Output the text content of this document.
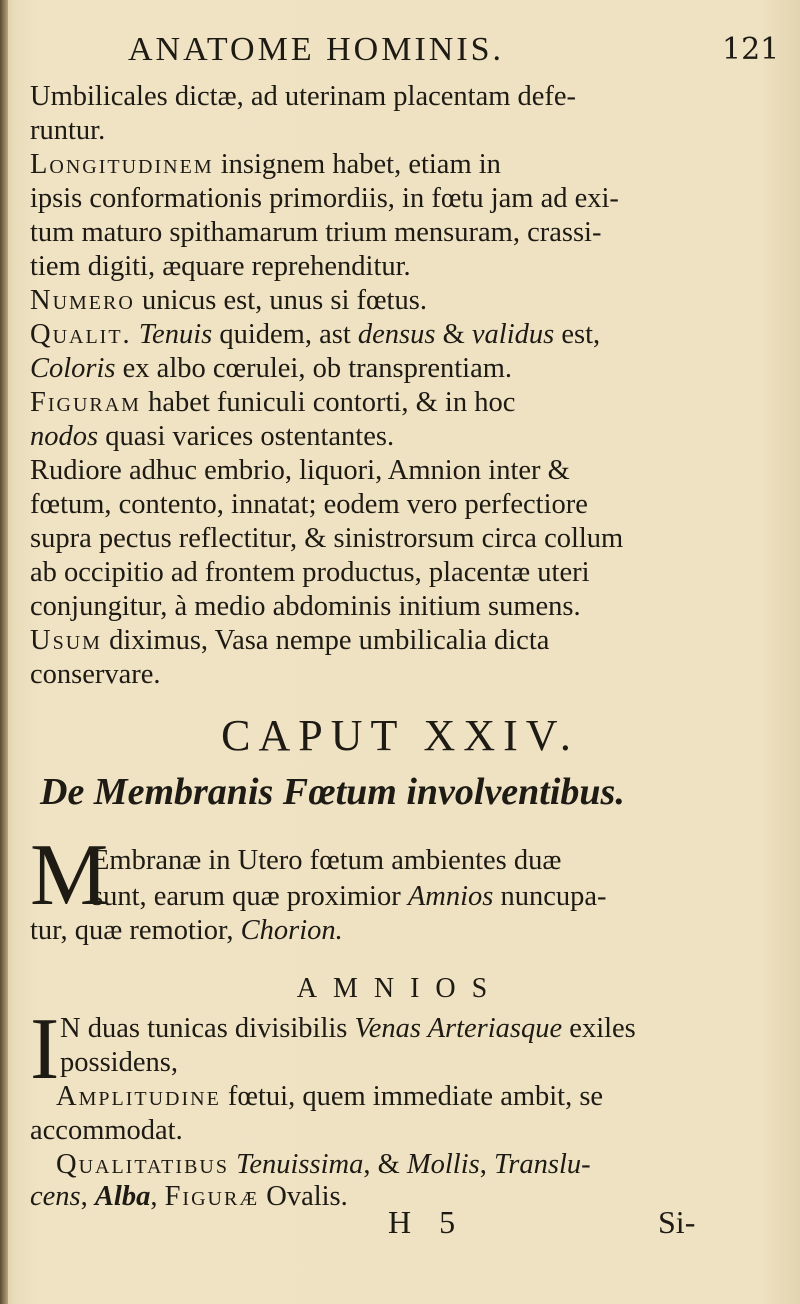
ANATOME HOMINIS.	121
Umbilicales dictæ, ad uterinam placentam defe-
runtur.
Longitudinem insignem habet, etiam in
ipsis conformationis primordiis, in fœtu jam ad exi-
tum maturo spithamarum trium mensuram, crassi-
tiem digiti, æquare reprehenditur.
Numero unicus est, unus si fœtus.
Qualit. Tenuis quidem, ast densus & validus est,
Coloris ex albo cœrulei, ob transprentiam.
Figuram habet funiculi contorti, & in hoc
nodos quasi varices ostentantes.
Rudiore adhuc embrio, liquori, Amnion inter &
fœtum, contento, innatat; eodem vero perfectiore
supra pectus reflectitur, & sinistrorsum circa collum
ab occipitio ad frontem productus, placentæ uteri
conjungitur, à medio abdominis initium sumens.
Usum diximus, Vasa nempe umbilicalia dicta
conservare.
CAPUT XXIV.
De Membranis Fœtum involventibus.
M
Embranæ in Utero fœtum ambientes duæ
sunt, earum quæ proximior Amnios nuncupa-
tur, quæ remotior, Chorion.
AMNIOS
I N duas tunicas divisibilis Venas Arteriasque exiles
possidens,
Amplitudine fœtui, quem immediate ambit, se
accommodat.
Qualitatibus Tenuissima, & Mollis, Translu-
cens, Alba, Figuræ Ovalis.
H 5	Si-
